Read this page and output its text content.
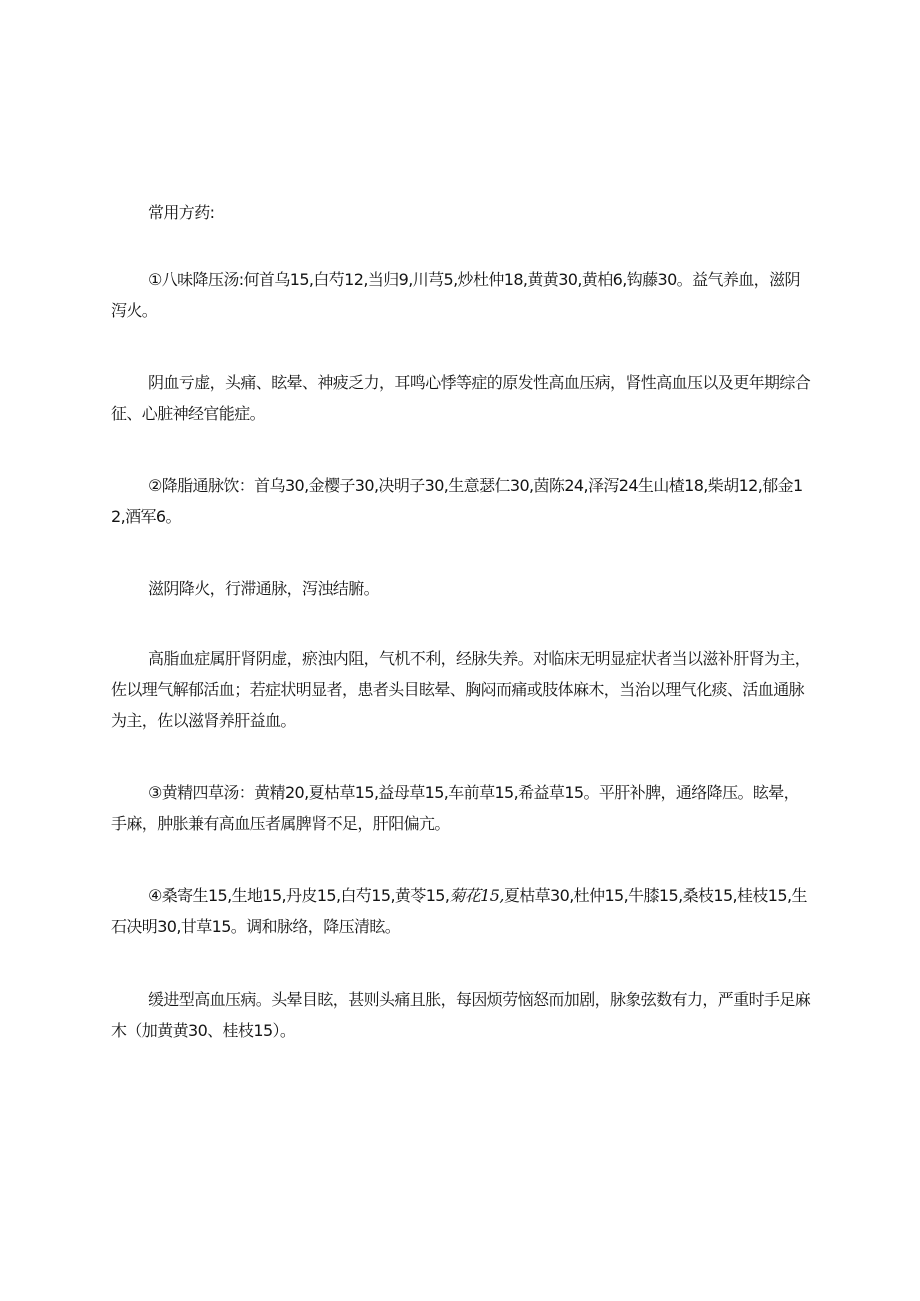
常用方药:

①八味降压汤:何首乌15,白芍12,当归9,川芎5,炒杜仲18,黄黄30,黄柏6,钩藤30。益气养血，滋阴泻火。

阴血亏虚，头痛、眩晕、神疲乏力，耳鸣心悸等症的原发性高血压病，肾性高血压以及更年期综合征、心脏神经官能症。

②降脂通脉饮：首乌30,金樱子30,决明子30,生意瑟仁30,茵陈24,泽泻24生山楂18,柴胡12,郁金12,酒军6。

滋阴降火，行滞通脉，泻浊结腑。

高脂血症属肝肾阴虚，瘀浊内阻，气机不利，经脉失养。对临床无明显症状者当以滋补肝肾为主，佐以理气解郁活血；若症状明显者，患者头目眩晕、胸闷而痛或肢体麻木，当治以理气化痰、活血通脉为主，佐以滋肾养肝益血。

③黄精四草汤：黄精20,夏枯草15,益母草15,车前草15,希益草15。平肝补脾，通络降压。眩晕，手麻，肿胀兼有高血压者属脾肾不足，肝阳偏亢。

④桑寄生15,生地15,丹皮15,白芍15,黄苓15,菊花15,夏枯草30,杜仲15,牛膝15,桑枝15,桂枝15,生石决明30,甘草15。调和脉络，降压清眩。

缓进型高血压病。头晕目眩，甚则头痛且胀，每因烦劳恼怒而加剧，脉象弦数有力，严重时手足麻木（加黄黄30、桂枝15）。
